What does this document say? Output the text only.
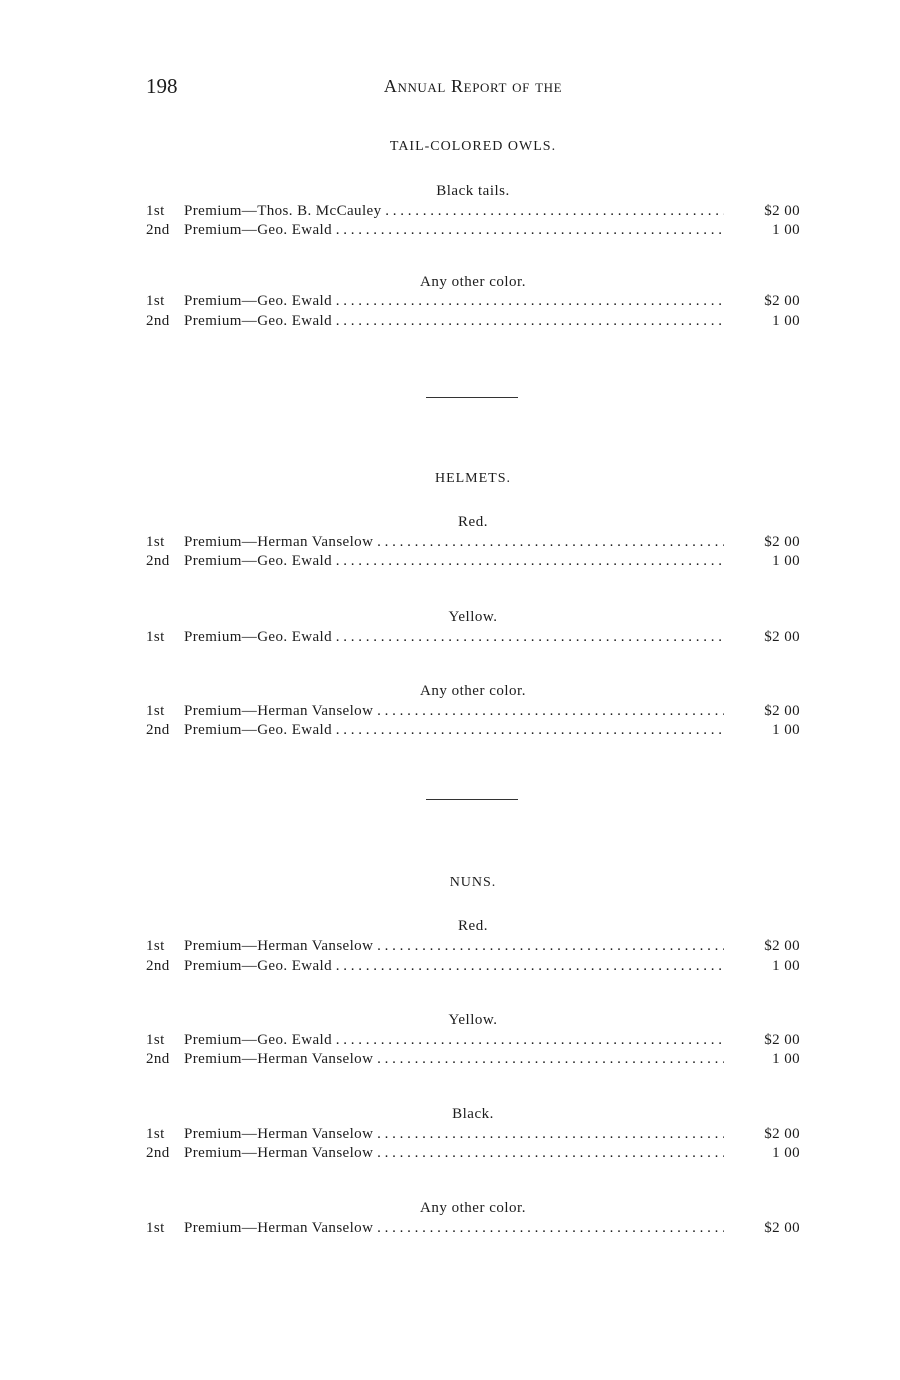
198	Annual Report of the
TAIL-COLORED OWLS.
Black tails.
1st	Premium—Thos. B. McCauley . . .	$2 00
2nd Premium—Geo. Ewald . . .	1 00
Any other color.
1st	Premium—Geo. Ewald . . .	$2 00
2nd Premium—Geo. Ewald . . .	1 00
HELMETS.
Red.
1st	Premium—Herman Vanselow . . .	$2 00
2nd Premium—Geo. Ewald . . .	1 00
Yellow.
1st	Premium—Geo. Ewald . . .	$2 00
Any other color.
1st	Premium—Herman Vanselow . . .	$2 00
2nd Premium—Geo. Ewald . . .	1 00
NUNS.
Red.
1st	Premium—Herman Vanselow . . .	$2 00
2nd Premium—Geo. Ewald . . .	1 00
Yellow.
1st	Premium—Geo. Ewald . . .	$2 00
2nd Premium—Herman Vanselow . . .	1 00
Black.
1st	Premium—Herman Vanselow . . .	$2 00
2nd Premium—Herman Vanselow . . .	1 00
Any other color.
1st	Premium—Herman Vanselow . . .	$2 00
